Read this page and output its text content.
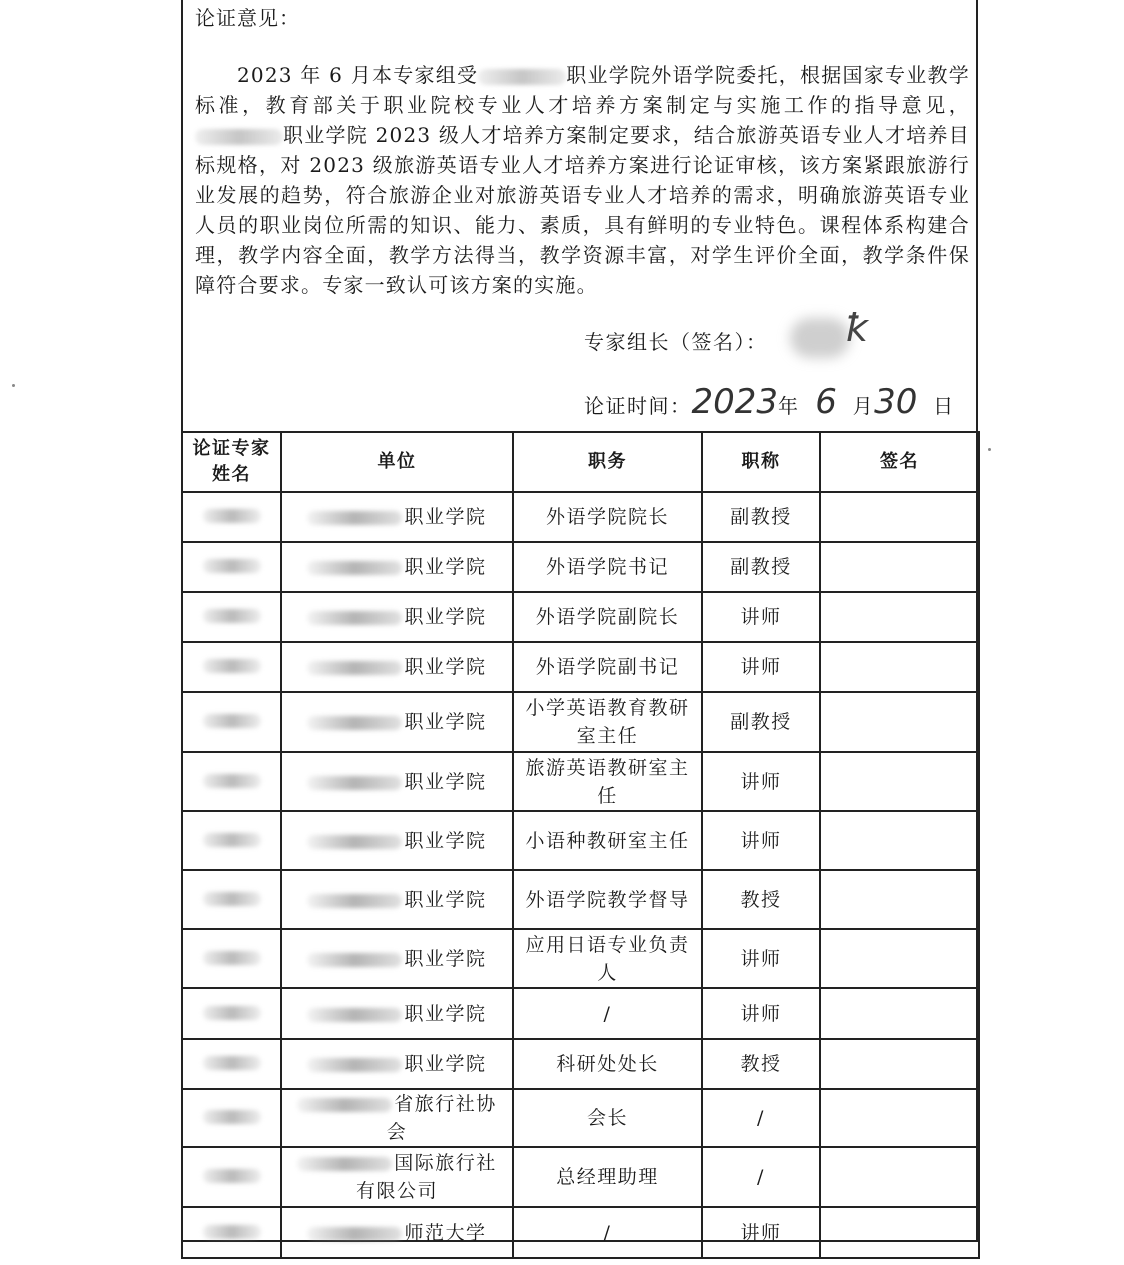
论证意见：
2023 年 6 月本专家组受	职业学院外语学院委托，根据国家专业教学标准，教育部关于职业院校专业人才培养方案制定与实施工作的指导意见，职业学院 2023 级人才培养方案制定要求，结合旅游英语专业人才培养目标规格，对 2023 级旅游英语专业人才培养方案进行论证审核，该方案紧跟旅游行业发展的趋势，符合旅游企业对旅游英语专业人才培养的需求，明确旅游英语专业人员的职业岗位所需的知识、能力、素质，具有鲜明的专业特色。课程体系构建合理，教学内容全面，教学方法得当，教学资源丰富，对学生评价全面，教学条件保障符合要求。专家一致认可该方案的实施。
专家组长（签名）： ꝁ
论证时间：2023年 6 月30 日
论证专家姓名	单位	职务	职称	签名
	职业学院	外语学院院长	副教授	
	职业学院	外语学院书记	副教授	
	职业学院	外语学院副院长	讲师	
	职业学院	外语学院副书记	讲师	
	职业学院	小学英语教育教研室主任	副教授	
	职业学院	旅游英语教研室主任	讲师	
	职业学院	小语种教研室主任	讲师	
	职业学院	外语学院教学督导	教授	
	职业学院	应用日语专业负责人	讲师	
	职业学院	/	讲师	
	职业学院	科研处处长	教授	
	省旅行社协会	会长	/	
	国际旅行社有限公司	总经理助理	/	
	师范大学	/	讲师	
